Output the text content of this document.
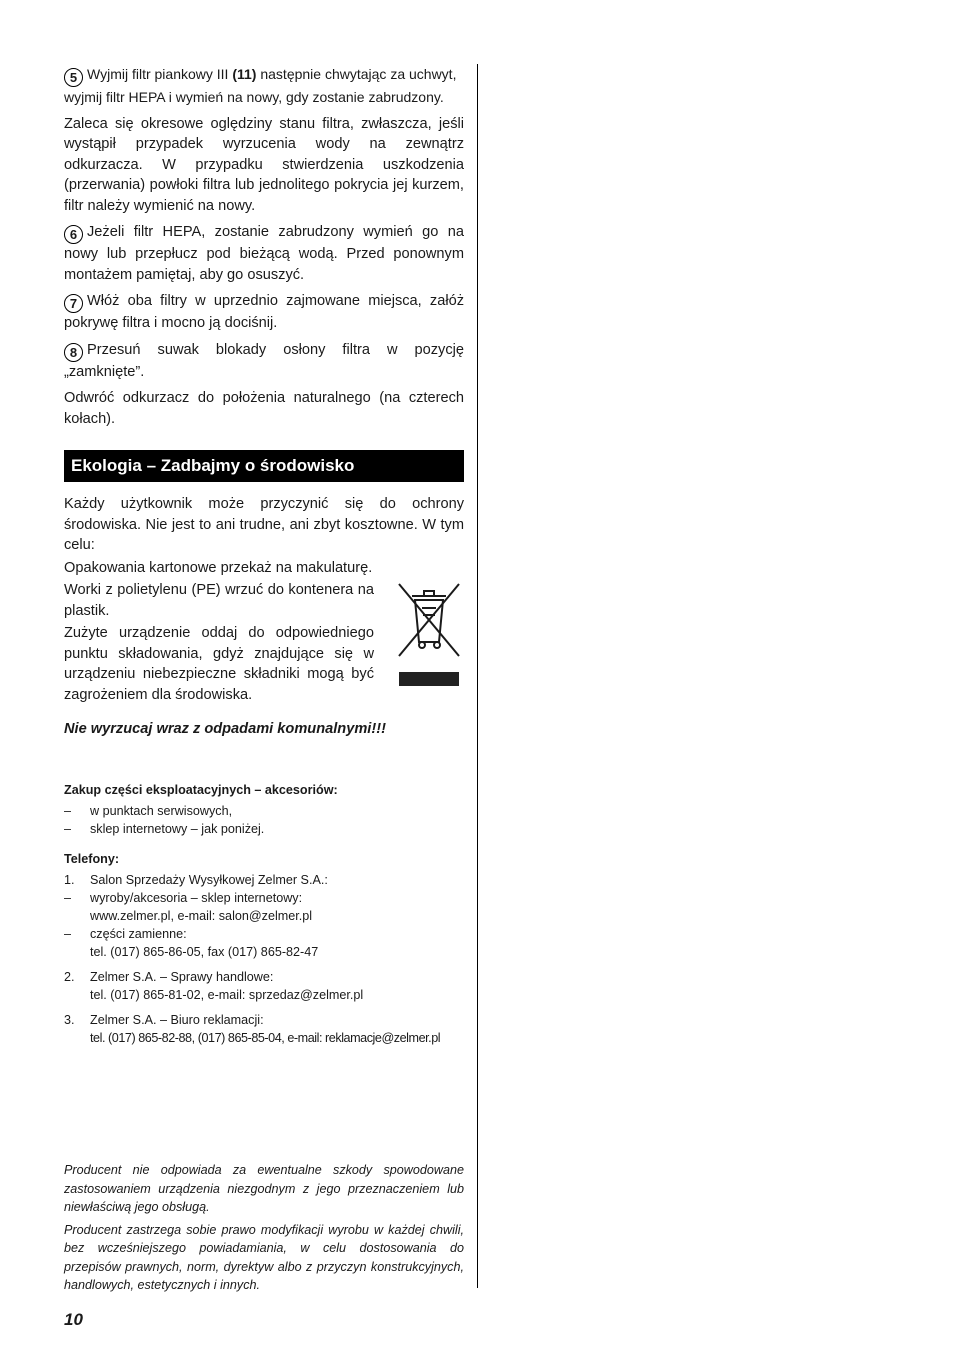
5 Wyjmij filtr piankowy III (11) następnie chwytając za uchwyt, wyjmij filtr HEPA i wymień na nowy, gdy zostanie zabrudzony.

Zaleca się okresowe oględziny stanu filtra, zwłaszcza, jeśli wystąpił przypadek wyrzucenia wody na zewnątrz odkurzacza. W przypadku stwierdzenia uszkodzenia (przerwania) powłoki filtra lub jednolitego pokrycia jej kurzem, filtr należy wymienić na nowy.

6 Jeżeli filtr HEPA, zostanie zabrudzony wymień go na nowy lub przepłucz pod bieżącą wodą. Przed ponownym montażem pamiętaj, aby go osuszyć.
7 Włóż oba filtry w uprzednio zajmowane miejsca, załóż pokrywę filtra i mocno ją dociśnij.
8 Przesuń suwak blokady osłony filtra w pozycję „zamknięte”.

Odwróć odkurzacz do położenia naturalnego (na czterech kołach).

Ekologia – Zadbajmy o środowisko

Każdy użytkownik może przyczynić się do ochrony środowiska. Nie jest to ani trudne, ani zbyt kosztowne. W tym celu:

Opakowania kartonowe przekaż na makulaturę.

Worki z polietylenu (PE) wrzuć do kontenera na plastik.

Zużyte urządzenie oddaj do odpowiedniego punktu składowania, gdyż znajdujące się w urządzeniu niebezpieczne składniki mogą być zagrożeniem dla środowiska.

Nie wyrzucaj wraz z odpadami komunalnymi!!!

Zakup części eksploatacyjnych – akcesoriów:
–	w punktach serwisowych,
–	sklep internetowy – jak poniżej.
Telefony:
1.	Salon Sprzedaży Wysyłkowej Zelmer S.A.:
–	wyroby/akcesoria – sklep internetowy:
www.zelmer.pl, e-mail: salon@zelmer.pl
–	części zamienne:
tel. (017) 865-86-05, fax (017) 865-82-47
2.	Zelmer S.A. – Sprawy handlowe:
tel. (017) 865-81-02, e-mail: sprzedaz@zelmer.pl
3.	Zelmer S.A. – Biuro reklamacji:
tel. (017) 865-82-88, (017) 865-85-04, e-mail: reklamacje@zelmer.pl

Producent nie odpowiada za ewentualne szkody spowodowane zastosowaniem urządzenia niezgodnym z jego przeznaczeniem lub niewłaściwą jego obsługą.

Producent zastrzega sobie prawo modyfikacji wyrobu w każdej chwili, bez wcześniejszego powiadamiania, w celu dostosowania do przepisów prawnych, norm, dyrektyw albo z przyczyn konstrukcyjnych, handlowych, estetycznych i innych.

10
